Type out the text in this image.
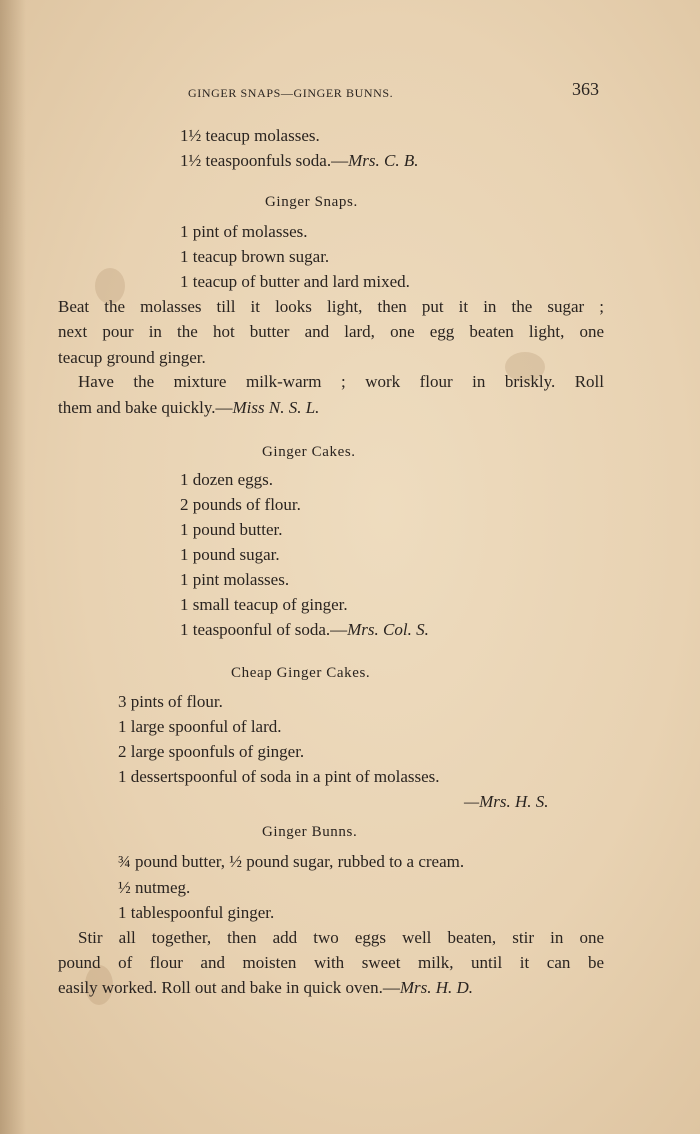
GINGER SNAPS—GINGER BUNNS.	363
1½ teacup molasses.
1½ teaspoonfuls soda.—Mrs. C. B.
Ginger Snaps.
1 pint of molasses.
1 teacup brown sugar.
1 teacup of butter and lard mixed.
Beat the molasses till it looks light, then put it in the sugar ;
next pour in the hot butter and lard, one egg beaten light, one
teacup ground ginger.
Have the mixture milk-warm ; work flour in briskly. Roll
them and bake quickly.—Miss N. S. L.
Ginger Cakes.
1 dozen eggs.
2 pounds of flour.
1 pound butter.
1 pound sugar.
1 pint molasses.
1 small teacup of ginger.
1 teaspoonful of soda.—Mrs. Col. S.
Cheap Ginger Cakes.
3 pints of flour.
1 large spoonful of lard.
2 large spoonfuls of ginger.
1 dessertspoonful of soda in a pint of molasses.
—Mrs. H. S.
Ginger Bunns.
¾ pound butter, ½ pound sugar, rubbed to a cream.
½ nutmeg.
1 tablespoonful ginger.
Stir all together, then add two eggs well beaten, stir in one
pound of flour and moisten with sweet milk, until it can be
easily worked. Roll out and bake in quick oven.—Mrs. H. D.
